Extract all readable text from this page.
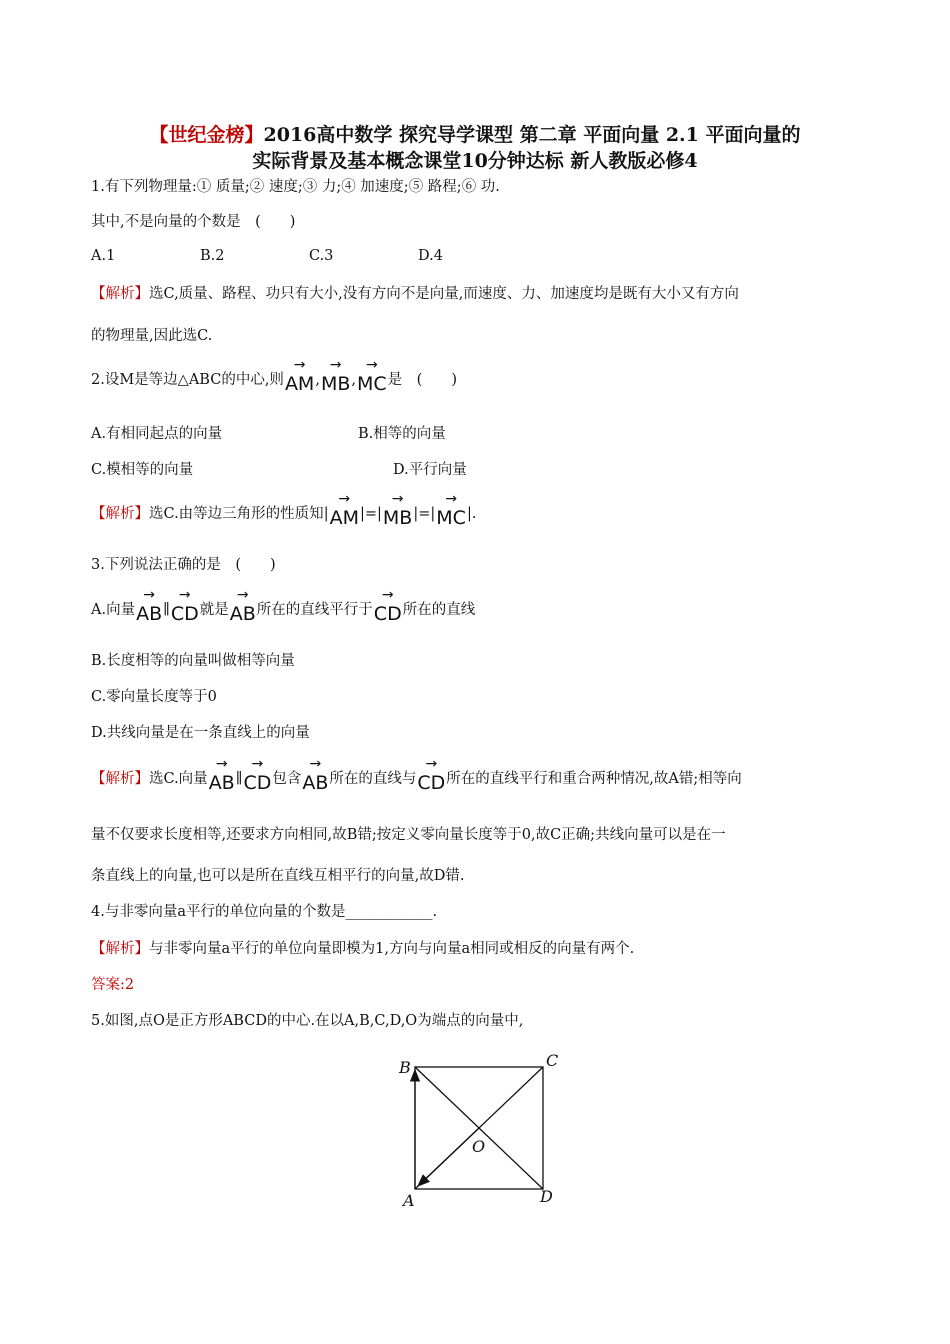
【世纪金榜】2016高中数学 探究导学课型 第二章 平面向量 2.1 平面向量的
实际背景及基本概念课堂10分钟达标 新人教版必修4
1.有下列物理量:① 质量;② 速度;③ 力;④ 加速度;⑤ 路程;⑥ 功.
其中,不是向量的个数是　(　　)
A.1	B.2	C.3	D.4
【解析】选C,质量、路程、功只有大小,没有方向不是向量,而速度、力、加速度均是既有大小又有方向
的物理量,因此选C.
2.设M是等边△ABC的中心,则
→
AM,
→
MB,
→
MC是　(　　)
A.有相同起点的向量	B.相等的向量
C.模相等的向量	D.平行向量
【解析】选C.由等边三角形的性质知|
→
AM|=|
→
MB|=|
→
MC|.
3.下列说法正确的是　(　　)
A.向量
→
AB∥
→
CD就是
→
AB所在的直线平行于
→
CD所在的直线
B.长度相等的向量叫做相等向量
C.零向量长度等于0
D.共线向量是在一条直线上的向量
【解析】选C.向量
→
AB∥
→
CD包含
→
AB所在的直线与
→
CD所在的直线平行和重合两种情况,故A错;相等向
量不仅要求长度相等,还要求方向相同,故B错;按定义零向量长度等于0,故C正确;共线向量可以是在一
条直线上的向量,也可以是所在直线互相平行的向量,故D错.
4.与非零向量a平行的单位向量的个数是____________.
【解析】与非零向量a平行的单位向量即模为1,方向与向量a相同或相反的向量有两个.
答案:2
5.如图,点O是正方形ABCD的中心.在以A,B,C,D,O为端点的向量中,
B	C
O
A	D
